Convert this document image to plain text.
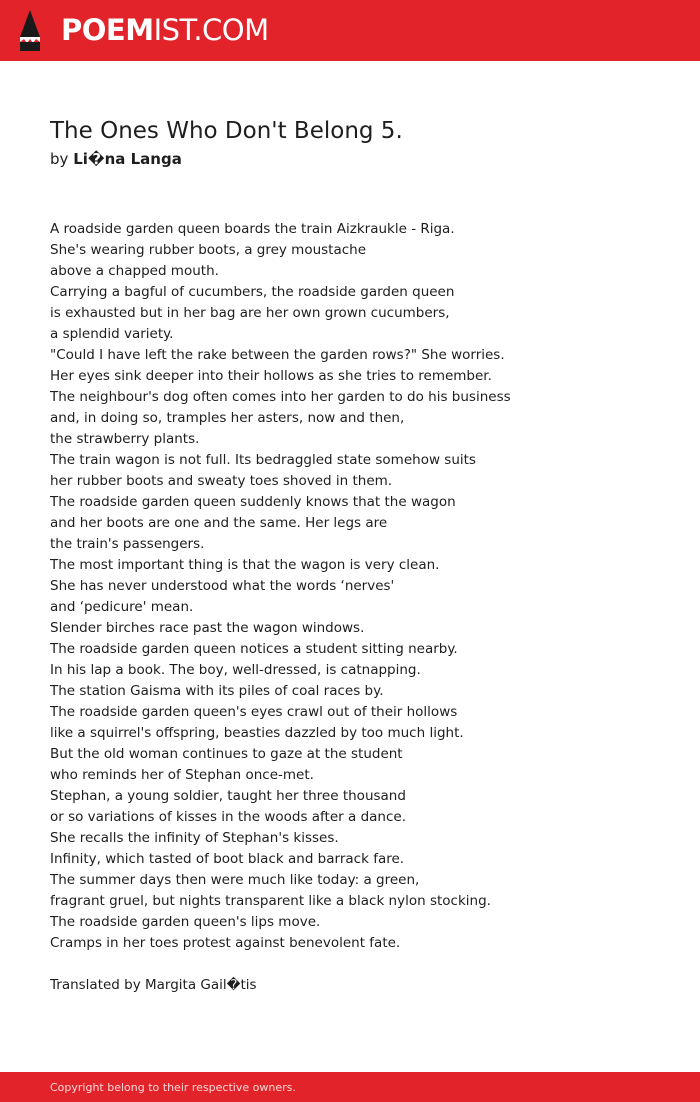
POEMIST.COM
The Ones Who Don't Belong 5.
by Li�na Langa
A roadside garden queen boards the train Aizkraukle - Riga.
She's wearing rubber boots, a grey moustache
above a chapped mouth.
Carrying a bagful of cucumbers, the roadside garden queen
is exhausted but in her bag are her own grown cucumbers,
a splendid variety.
"Could I have left the rake between the garden rows?" She worries.
Her eyes sink deeper into their hollows as she tries to remember.
The neighbour's dog often comes into her garden to do his business
and, in doing so, tramples her asters, now and then,
the strawberry plants.
The train wagon is not full. Its bedraggled state somehow suits
her rubber boots and sweaty toes shoved in them.
The roadside garden queen suddenly knows that the wagon
and her boots are one and the same. Her legs are
the train's passengers.
The most important thing is that the wagon is very clean.
She has never understood what the words ‘nerves'
and ‘pedicure' mean.
Slender birches race past the wagon windows.
The roadside garden queen notices a student sitting nearby.
In his lap a book. The boy, well-dressed, is catnapping.
The station Gaisma with its piles of coal races by.
The roadside garden queen's eyes crawl out of their hollows
like a squirrel's offspring, beasties dazzled by too much light.
But the old woman continues to gaze at the student
who reminds her of Stephan once-met.
Stephan, a young soldier, taught her three thousand
or so variations of kisses in the woods after a dance.
She recalls the infinity of Stephan's kisses.
Infinity, which tasted of boot black and barrack fare.
The summer days then were much like today: a green,
fragrant gruel, but nights transparent like a black nylon stocking.
The roadside garden queen's lips move.
Cramps in her toes protest against benevolent fate.
Translated by Margita Gail�tis
Copyright belong to their respective owners.
